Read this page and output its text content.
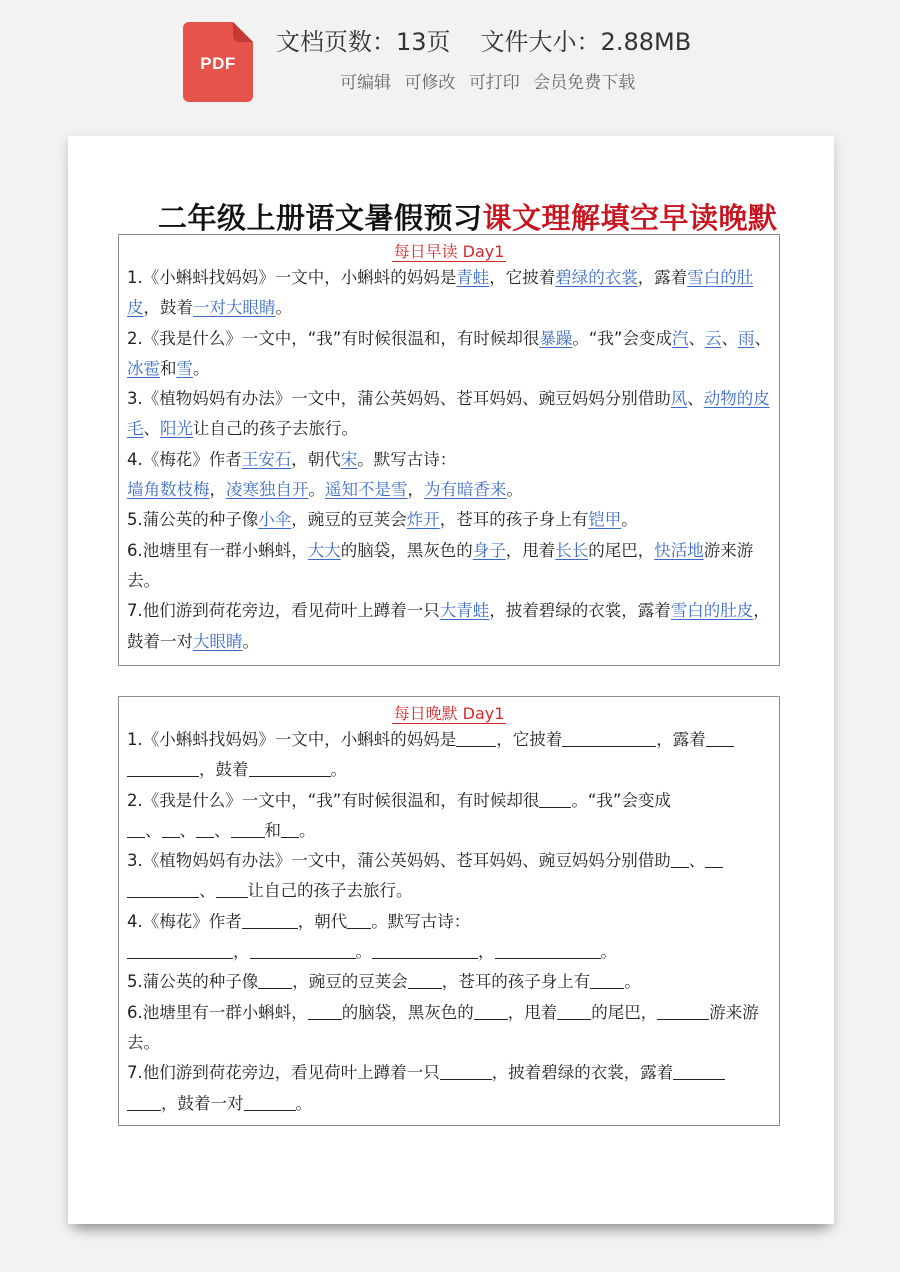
PDF
文档页数：13页 文件大小：2.88MB
可编辑 可修改 可打印 会员免费下载
二年级上册语文暑假预习课文理解填空早读晚默
每日早读 Day1

1.《小蝌蚪找妈妈》一文中，小蝌蚪的妈妈是青蛙，它披着碧绿的衣裳，露着雪白的肚皮，鼓着一对大眼睛。

2.《我是什么》一文中，“我”有时候很温和，有时候却很暴躁。“我”会变成汽、云、雨、冰雹和雪。

3.《植物妈妈有办法》一文中，蒲公英妈妈、苍耳妈妈、豌豆妈妈分别借助风、动物的皮毛、阳光让自己的孩子去旅行。

4.《梅花》作者王安石，朝代宋。默写古诗：
墙角数枝梅，凌寒独自开。遥知不是雪，为有暗香来。

5.蒲公英的种子像小伞，豌豆的豆荚会炸开，苍耳的孩子身上有铠甲。

6.池塘里有一群小蝌蚪，大大的脑袋，黑灰色的身子，甩着长长的尾巴，快活地游来游去。

7.他们游到荷花旁边，看见荷叶上蹲着一只大青蛙，披着碧绿的衣裳，露着雪白的肚皮，鼓着一对大眼睛。

每日晚默 Day1

1.《小蝌蚪找妈妈》一文中，小蝌蚪的妈妈是 ，它披着	，露着
，鼓着	。

2.《我是什么》一文中，“我”有时候很温和，有时候却很 。“我”会变成
、 、 、 和 。

3.《植物妈妈有办法》一文中，蒲公英妈妈、苍耳妈妈、豌豆妈妈分别借助 、
、 让自己的孩子去旅行。

4.《梅花》作者	，朝代 。默写古诗：
，	。	，	。

5.蒲公英的种子像 ，豌豆的豆荚会 ，苍耳的孩子身上有 。

6.池塘里有一群小蝌蚪， 的脑袋，黑灰色的 ，甩着 的尾巴，	游来游去。

7.他们游到荷花旁边，看见荷叶上蹲着一只	，披着碧绿的衣裳，露着
，鼓着一对	。
